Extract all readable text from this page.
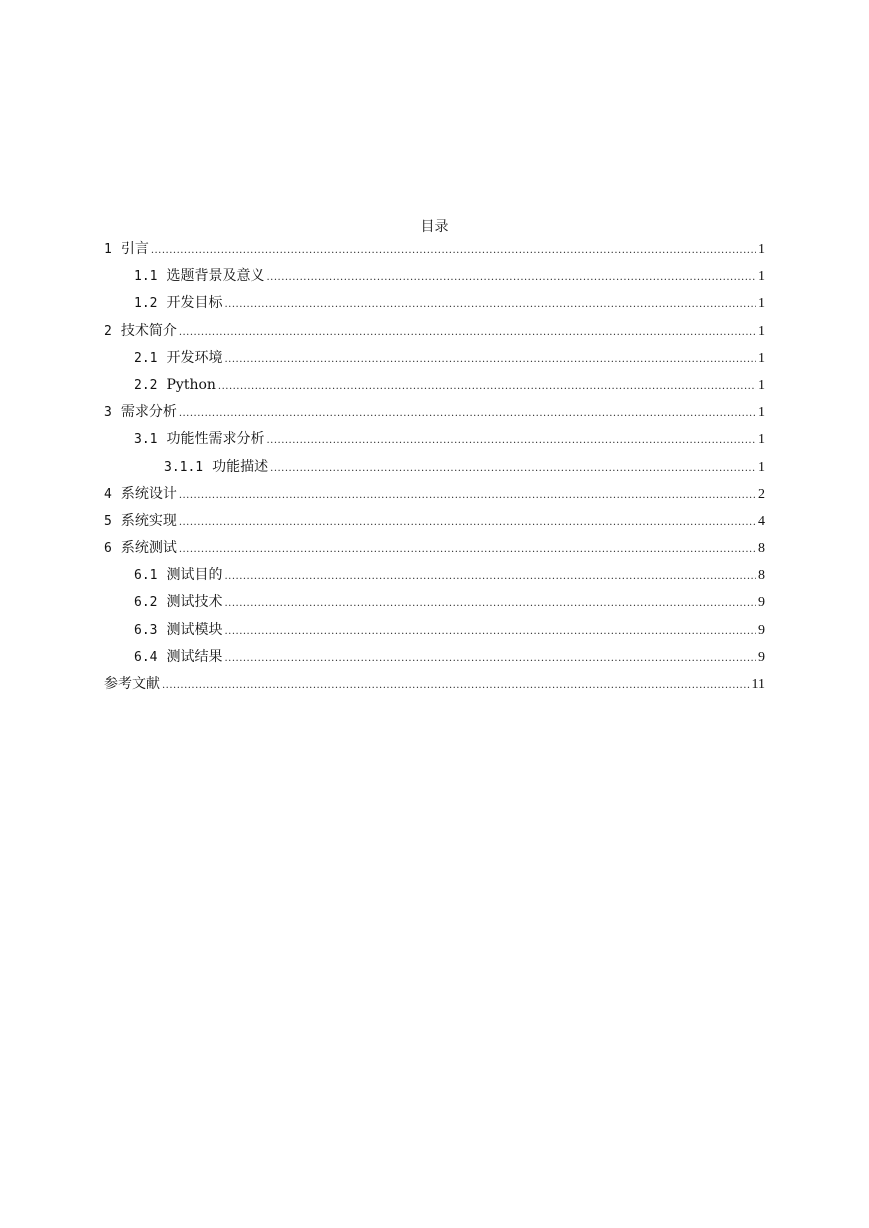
目录
1 引言 .....	1
1.1 选题背景及意义 .....	1
1.2 开发目标 .....	1
2 技术简介 .....	1
2.1 开发环境 .....	1
2.2 Python .....	1
3 需求分析 .....	1
3.1 功能性需求分析 .....	1
3.1.1 功能描述 .....	1
4 系统设计 .....	2
5 系统实现 .....	4
6 系统测试 .....	8
6.1 测试目的 .....	8
6.2 测试技术 .....	9
6.3 测试模块 .....	9
6.4 测试结果 .....	9
参考文献 .....	11
